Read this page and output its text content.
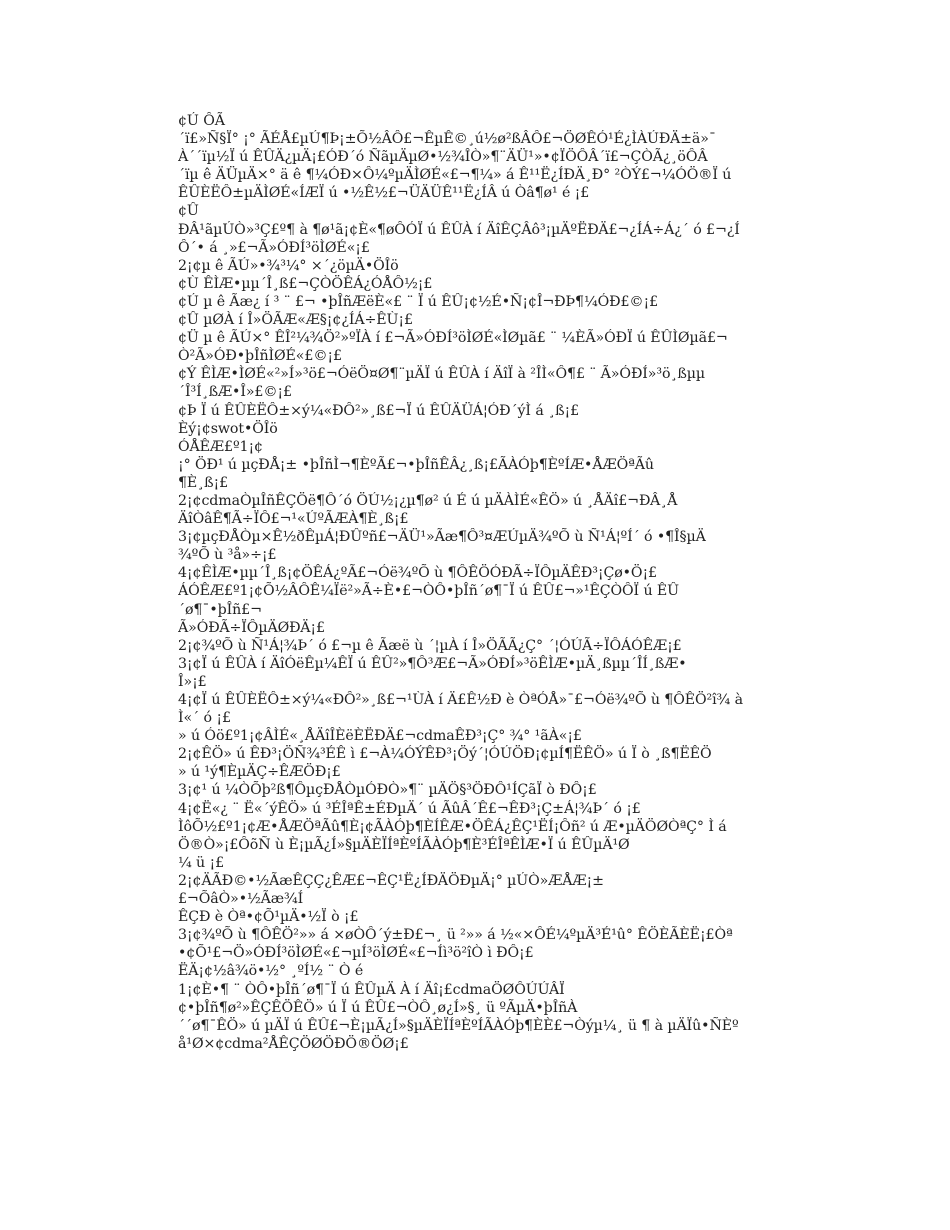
¢Ú ÔÃ
´ï£»Ñ§Ï° ¡° ÃÉÅ£µÚ¶Þ¡±Õ½ÂÔ£¬ÊµÊ©¸ú½ø²ßÂÔ£¬ÖØÊÓ¹É¿ÌÀÚÐÄ±ä»¯
À´´ïµ½Ï ú ÊÛÄ¿µÄ¡£ÓÐ´ó ÑãµÄµØ•½¾ÎÒ»¶¨ÄÜ¹»•¢ÏÖÔÂ´ï£¬ÇÒÃ¿¸öÔÂ
´ïµ ê ÄÜµÄ×° ä ê ¶¼ÓÐ×Ô¼ºµÄÌØÉ«£¬¶¼» á Ê¹¹Ë¿ÍÐÄ¸Ð° ²ÒÝ£¬¼ÓÖ®Ï ú
ÊÛÈËÔ±µÄÌØÉ«ÍÆÏ ú •½Ê½£¬ÜÄÜÊ¹¹Ë¿ÍÂ ú Òâ¶ø¹ é ¡£
¢Û
ÐÂ¹ãµÚÒ»³Ç£º¶ à ¶ø¹ã¡¢È«¶øÔÓÏ ú ÊÛÀ í ÄîÊÇÂô³¡µÄºËÐÄ£¬¿ÍÁ÷Á¿´ ó £¬¿Í
Ô´• á ¸»£¬Ã»ÓÐÍ³öÌØÉ«¡£
2¡¢µ ê ÃÚ»•¾³¼° ×´¿öµÄ•ÖÎö
¢Ù ÊÌÆ•µµ´Î¸ß£¬ÇÒÖÊÁ¿ÓÅÔ½¡£
¢Ú µ ê Ãæ¿ í ³ ¨ £¬ •þÎñÆëÈ«£ ¨ Ï ú ÊÛ¡¢½É•Ñ¡¢Î¬ÐÞ¶¼ÓÐ£©¡£
¢Û µØÀ í Î»ÖÃÆ«Æ§¡¢¿ÍÁ÷ÊÙ¡£
¢Ü µ ê ÃÚ×° ÊÎ²¼¾Ö²»ºÏÀ í £¬Ã»ÓÐÍ³öÌØÉ«ÌØµã£ ¨ ¼ÈÃ»ÓÐÏ ú ÊÛÌØµã£¬
Ò²Ã»ÓÐ•þÎñÌØÉ«£©¡£
¢Ý ÊÌÆ•ÌØÉ«²»Í»³ö£¬ÓëÖ¤Ø¶¨µÄÏ ú ÊÛÀ í ÄîÏ à ²ÎÌ«Ô¶£ ¨ Ã»ÓÐÍ»³ö¸ßµµ
´Î³Í¸ßÆ•Î»£©¡£
¢Þ Ï ú ÊÛÈËÔ±×ý¼«ÐÔ²»¸ß£¬Ï ú ÊÛÄÜÁ¦ÓÐ´ýÌ á ¸ß¡£
Èý¡¢swot•ÖÎö
ÓÅÊÆ£º1¡¢
¡° ÖÐ¹ ú µçÐÅ¡± •þÎñÌ¬¶ÈºÃ£¬•þÎñÊÂ¿¸ß¡£ÃÀÓþ¶ÈºÍÆ•ÅÆÖªÃû
¶È¸ß¡£
2¡¢cdmaÒµÎñÊÇÖë¶Ô´ó ÖÚ½¡¿µ¶ø² ú É ú µÄÀÌÉ«ÊÖ» ú ¸ÅÄî£¬ÐÂ¸Å
ÄîÒâÊ¶Ã÷ÏÔ£¬¹«ÚºÃÆÀ¶È¸ß¡£
3¡¢µçÐÅÒµ×Ê½ðÊµÁ¦ÐÛºñ£¬ÄÜ¹»Ãæ¶Ô³¤ÆÚµÄ¾ºÕ ù Ñ¹Á¦ºÍ´ ó •¶Î§µÄ
¾ºÕ ù ³å»÷¡£
4¡¢ÊÌÆ•µµ´Î¸ß¡¢ÖÊÁ¿ºÃ£¬Óë¾ºÕ ù ¶ÔÊÖÓÐÃ÷ÏÔµÄÊÐ³¡Çø•Ö¡£
ÁÓÊÆ£º1¡¢Õ½ÂÔÊ¼Ïë²»Ã÷È•£¬ÒÔ•þÎñ´ø¶¯Ï ú ÊÛ£¬»¹ÊÇÒÔÏ ú ÊÛ
´ø¶¯•þÎñ£¬
Ã»ÓÐÃ÷ÏÔµÄØÐÄ¡£
2¡¢¾ºÕ ù Ñ¹Á¦¾Þ´ ó £¬µ ê Ãæë ù ´¦µÀ í Î»ÖÃÃ¿Ç° ´¦ÓÚÃ÷ÏÔÁÓÊÆ¡£
3¡¢Ï ú ÊÛÀ í ÄîÓëÊµ¼ÊÏ ú ÊÛ²»¶Ô³Æ£¬Ã»ÓÐÍ»³öÊÌÆ•µÄ¸ßµµ´ÎÍ¸ßÆ•
Î»¡£
4¡¢Ï ú ÊÛÈËÔ±×ý¼«ÐÔ²»¸ß£¬¹ÙÀ í Ä£Ê½Ð è ÒªÓÅ»¯£¬Óë¾ºÕ ù ¶ÔÊÖ²î¾ à
Ì«´ ó ¡£
» ú Óö£º1¡¢ÂÌÉ«¸ÅÄîÎÈëÈËÐÄ£¬cdmaÊÐ³¡Ç° ¾° ¹ãÀ«¡£
2¡¢ÊÖ» ú ÊÐ³¡ÖÑ¾³ÉÊ ì £¬À¼ÓÝÊÐ³¡Öý´¦ÓÚÖÐ¡¢µÍ¶ËÊÖ» ú Ï ò ¸ß¶ËÊÖ
» ú ¹ý¶ÈµÄÇ÷ÊÆÖÐ¡£
3¡¢¹ ú ¼ÒÕþ²ß¶ÔµçÐÅÒµÓÐÒ»¶¨ µÄÖ§³ÖÐÔ¹ÍÇãÏ ò ÐÔ¡£
4¡¢Ë«¿ ¨ Ë«´ýÊÖ» ú ³ÉÎªÊ±ÉÐµÄ´ ú ÃûÂ´Ê£¬ÊÐ³¡Ç±Á¦¾Þ´ ó ¡£
ÌôÕ½£º1¡¢Æ•ÅÆÖªÃû¶È¡¢ÃÀÓþ¶ÈÍÊÆ•ÖÊÁ¿ÊÇ¹ËÍ¡Ôñ² ú Æ•µÄÖØÒªÇ° Ì á
Ö®Ò»¡£ÔõÑ ù È¡µÃ¿Í»§µÄÈÏÍªÈºÍÃÀÓþ¶È³ÉÎªÊÌÆ•Ï ú ÊÛµÄ¹Ø
¼ ü ¡£
2¡¢ÄÃÐ©•½ÃæÊÇÇ¿ÊÆ£¬ÊÇ¹Ë¿ÍÐÄÖÐµÄ¡° µÚÒ»ÆÅÆ¡±
£¬ÕâÒ»•½Ãæ¾Í
ÊÇÐ è Òª•¢Õ¹µÄ•½Ï ò ¡£
3¡¢¾ºÕ ù ¶ÔÊÖ²»» á ×øÒÔ´ý±Ð£¬¸ ü ²»» á ½«×ÔÉ¼ºµÄ³É¹û° ÊÖÈÃÈË¡£Òª
•¢Õ¹£¬Ö»ÓÐÍ³öÌØÉ«£¬µÍ³öÌØÉ«£¬Íì³ö²îÒ ì ÐÔ¡£
ËÄ¡¢½â¾ö•½° ¸ºÍ½ ¨ Ò é
1¡¢È•¶ ¨ ÒÔ•þÎñ´ø¶¯Ï ú ÊÛµÄ À í Äî¡£cdmaÖØÔÚÚÂÏ
¢•þÎñ¶ø²»ÊÇÊÖÊÖ» ú Ï ú ÊÛ£¬ÒÔ¸ø¿Í»§¸ ü ºÃµÄ•þÎñÀ
´´ø¶¯ÊÖ» ú µÄÏ ú ÊÛ£¬È¡µÃ¿Í»§µÄÈÏÍªÈºÍÃÀÓþ¶ÈÈ£¬Òýµ¼¸ ü ¶ à µÄÏû•ÑÈº
å¹Ø×¢cdma²ÅÊÇÖØÖÐÖ®ÖØ¡£
